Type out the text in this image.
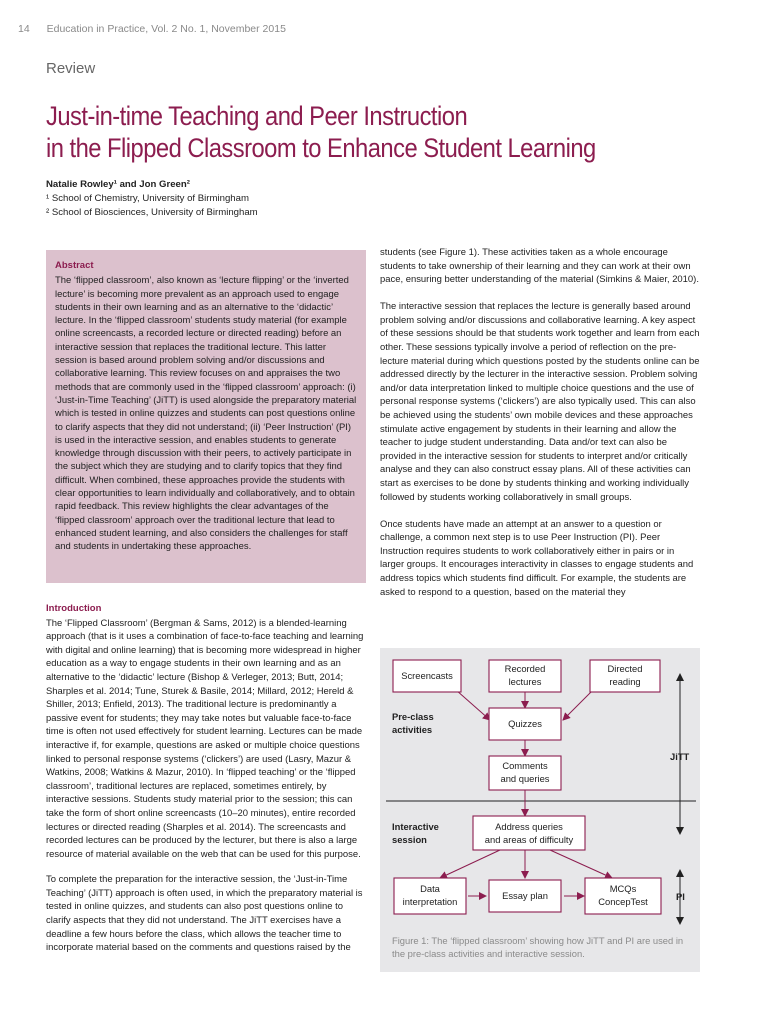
14 Education in Practice, Vol. 2 No. 1, November 2015
Review
Just-in-time Teaching and Peer Instruction
in the Flipped Classroom to Enhance Student Learning
Natalie Rowley¹ and Jon Green²
¹ School of Chemistry, University of Birmingham
² School of Biosciences, University of Birmingham
Abstract

The ‘flipped classroom’, also known as ‘lecture flipping’ or the ‘inverted lecture’ is becoming more prevalent as an approach used to engage students in their own learning and as an alternative to the ‘didactic’ lecture. In the ‘flipped classroom’ students study material (for example online screencasts, a recorded lecture or directed reading) before an interactive session that replaces the traditional lecture. This latter session is based around problem solving and/or discussions and collaborative learning. This review focuses on and appraises the two methods that are commonly used in the ‘flipped classroom’ approach: (i) ‘Just-in-Time Teaching’ (JiTT) is used alongside the preparatory material which is tested in online quizzes and students can post questions online to clarify aspects that they did not understand; (ii) ‘Peer Instruction’ (PI) is used in the interactive session, and enables students to generate knowledge through discussion with their peers, to actively participate in the subject which they are studying and to clarify topics that they find difficult. When combined, these approaches provide the students with clear opportunities to learn individually and collaboratively, and to obtain rapid feedback. This review highlights the clear advantages of the ‘flipped classroom’ approach over the traditional lecture that lead to enhanced student learning, and also considers the challenges for staff and students in undertaking these approaches.

Introduction

The ‘Flipped Classroom’ (Bergman & Sams, 2012) is a blended-learning approach (that is it uses a combination of face-to-face teaching and learning with digital and online learning) that is becoming more widespread in higher education as a way to engage students in their own learning and as an alternative to the ‘didactic’ lecture (Bishop & Verleger, 2013; Butt, 2014; Sharples et al. 2014; Tune, Sturek & Basile, 2014; Millard, 2012; Hereld & Shiller, 2013; Enfield, 2013). The traditional lecture is predominantly a passive event for students; they may take notes but valuable face-to-face time is often not used effectively for student learning. Lectures can be made interactive if, for example, questions are asked or multiple choice questions linked to personal response systems (‘clickers’) are used (Lasry, Mazur & Watkins, 2008; Watkins & Mazur, 2010). In ‘flipped teaching’ or the ‘flipped classroom’, traditional lectures are replaced, sometimes entirely, by interactive sessions. Students study material prior to the session; this can take the form of short online screencasts (10–20 minutes), entire recorded lectures or directed reading (Sharples et al. 2014). The screencasts and recorded lectures can be produced by the lecturer, but there is also a large resource of material available on the web that can be used for this purpose.

To complete the preparation for the interactive session, the ‘Just-in-Time Teaching’ (JiTT) approach is often used, in which the preparatory material is tested in online quizzes, and students can also post questions online to clarify aspects that they did not understand. The JiTT exercises have a deadline a few hours before the class, which allows the teacher time to incorporate material based on the comments and questions raised by the

students (see Figure 1). These activities taken as a whole encourage students to take ownership of their learning and they can work at their own pace, ensuring better understanding of the material (Simkins & Maier, 2010).

The interactive session that replaces the lecture is generally based around problem solving and/or discussions and collaborative learning. A key aspect of these sessions should be that students work together and learn from each other. These sessions typically involve a period of reflection on the pre-lecture material during which questions posted by the students online can be addressed directly by the lecturer in the interactive session. Problem solving and/or data interpretation linked to multiple choice questions and the use of personal response systems (‘clickers’) are also typically used. This can also be achieved using the students’ own mobile devices and these approaches stimulate active engagement by students in their learning and allow the teacher to judge student understanding. Data and/or text can also be provided in the interactive session for students to interpret and/or critically analyse and they can also construct essay plans. All of these activities can start as exercises to be done by students thinking and working individually followed by students working collaboratively in small groups.

Once students have made an attempt at an answer to a question or challenge, a common next step is to use Peer Instruction (PI). Peer Instruction requires students to work collaboratively either in pairs or in larger groups. It encourages interactivity in classes to engage students and address topics which students find difficult. For example, the students are asked to respond to a question, based on the material they

Screencasts
Recorded
lectures
Directed
reading
Quizzes
Comments
and queries
Address queries
and areas of difficulty
Data
interpretation
Essay plan
MCQs
ConcepTest
Pre-class
activities
Interactive
session
JiTT
PI
Figure 1: The ‘flipped classroom’ showing how JiTT and PI are used in the pre-class activities and interactive session.
